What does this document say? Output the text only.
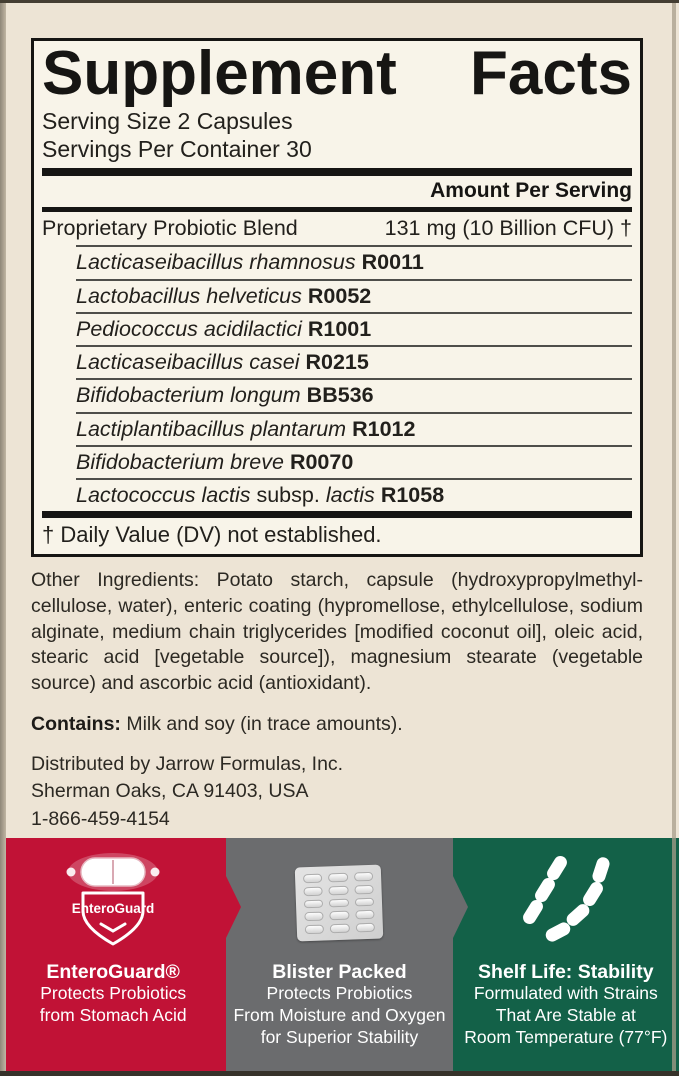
Supplement Facts
Serving Size 2 Capsules
Servings Per Container 30
Amount Per Serving
Proprietary Probiotic Blend	131 mg (10 Billion CFU) †
Lacticaseibacillus rhamnosus R0011
Lactobacillus helveticus R0052
Pediococcus acidilactici R1001
Lacticaseibacillus casei R0215
Bifidobacterium longum BB536
Lactiplantibacillus plantarum R1012
Bifidobacterium breve R0070
Lactococcus lactis subsp. lactis R1058
† Daily Value (DV) not established.

Other Ingredients: Potato starch, capsule (hydroxypropylmethyl-cellulose, water), enteric coating (hypromellose, ethylcellulose, sodium alginate, medium chain triglycerides [modified coconut oil], oleic acid, stearic acid [vegetable source]), magnesium stearate (vegetable source) and ascorbic acid (antioxidant).

Contains: Milk and soy (in trace amounts).

Distributed by Jarrow Formulas, Inc.
Sherman Oaks, CA 91403, USA
1-866-459-4154

EnteroGuard
EnteroGuard®
Protects Probiotics
from Stomach Acid
Blister Packed
Protects Probiotics
From Moisture and Oxygen
for Superior Stability
Shelf Life: Stability
Formulated with Strains
That Are Stable at
Room Temperature (77°F)
